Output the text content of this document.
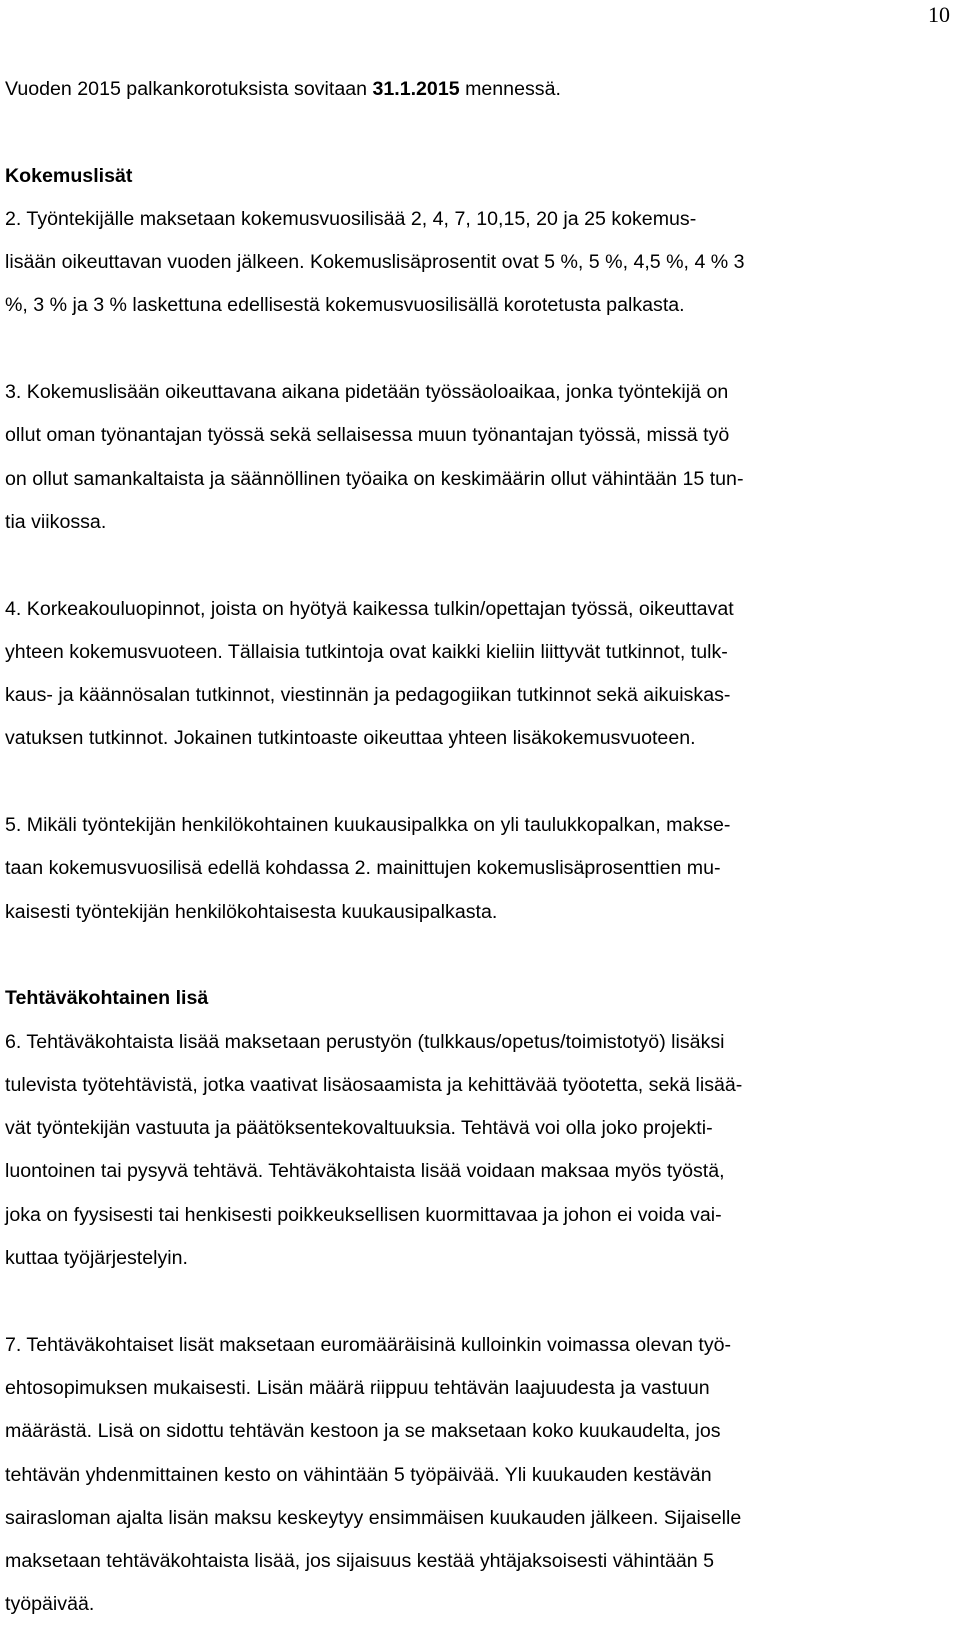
10
Vuoden 2015 palkankorotuksista sovitaan 31.1.2015 mennessä.
Kokemuslisät
2. Työntekijälle maksetaan kokemusvuosilisää 2, 4, 7, 10,15, 20 ja 25 kokemus-
lisään oikeuttavan vuoden jälkeen. Kokemuslisäprosentit ovat 5 %, 5 %, 4,5 %, 4 % 3
%, 3 % ja 3 % laskettuna edellisestä kokemusvuosilisällä korotetusta palkasta.
3. Kokemuslisään oikeuttavana aikana pidetään työssäoloaikaa, jonka työntekijä on
ollut oman työnantajan työssä sekä sellaisessa muun työnantajan työssä, missä työ
on ollut samankaltaista ja säännöllinen työaika on keskimäärin ollut vähintään 15 tun-
tia viikossa.
4. Korkeakouluopinnot, joista on hyötyä kaikessa tulkin/opettajan työssä, oikeuttavat
yhteen kokemusvuoteen. Tällaisia tutkintoja ovat kaikki kieliin liittyvät tutkinnot, tulk-
kaus- ja käännösalan tutkinnot, viestinnän ja pedagogiikan tutkinnot sekä aikuiskas-
vatuksen tutkinnot. Jokainen tutkintoaste oikeuttaa yhteen lisäkokemusvuoteen.
5. Mikäli työntekijän henkilökohtainen kuukausipalkka on yli taulukkopalkan, makse-
taan kokemusvuosilisä edellä kohdassa 2. mainittujen kokemuslisäprosenttien mu-
kaisesti työntekijän henkilökohtaisesta kuukausipalkasta.
Tehtäväkohtainen lisä
6. Tehtäväkohtaista lisää maksetaan perustyön (tulkkaus/opetus/toimistotyö) lisäksi
tulevista työtehtävistä, jotka vaativat lisäosaamista ja kehittävää työotetta, sekä lisää-
vät työntekijän vastuuta ja päätöksentekovaltuuksia. Tehtävä voi olla joko projekti-
luontoinen tai pysyvä tehtävä. Tehtäväkohtaista lisää voidaan maksaa myös työstä,
joka on fyysisesti tai henkisesti poikkeuksellisen kuormittavaa ja johon ei voida vai-
kuttaa työjärjestelyin.
7. Tehtäväkohtaiset lisät maksetaan euromääräisinä kulloinkin voimassa olevan työ-
ehtosopimuksen mukaisesti. Lisän määrä riippuu tehtävän laajuudesta ja vastuun
määrästä. Lisä on sidottu tehtävän kestoon ja se maksetaan koko kuukaudelta, jos
tehtävän yhdenmittainen kesto on vähintään 5 työpäivää. Yli kuukauden kestävän
sairasloman ajalta lisän maksu keskeytyy ensimmäisen kuukauden jälkeen. Sijaiselle
maksetaan tehtäväkohtaista lisää, jos sijaisuus kestää yhtäjaksoisesti vähintään 5
työpäivää.
